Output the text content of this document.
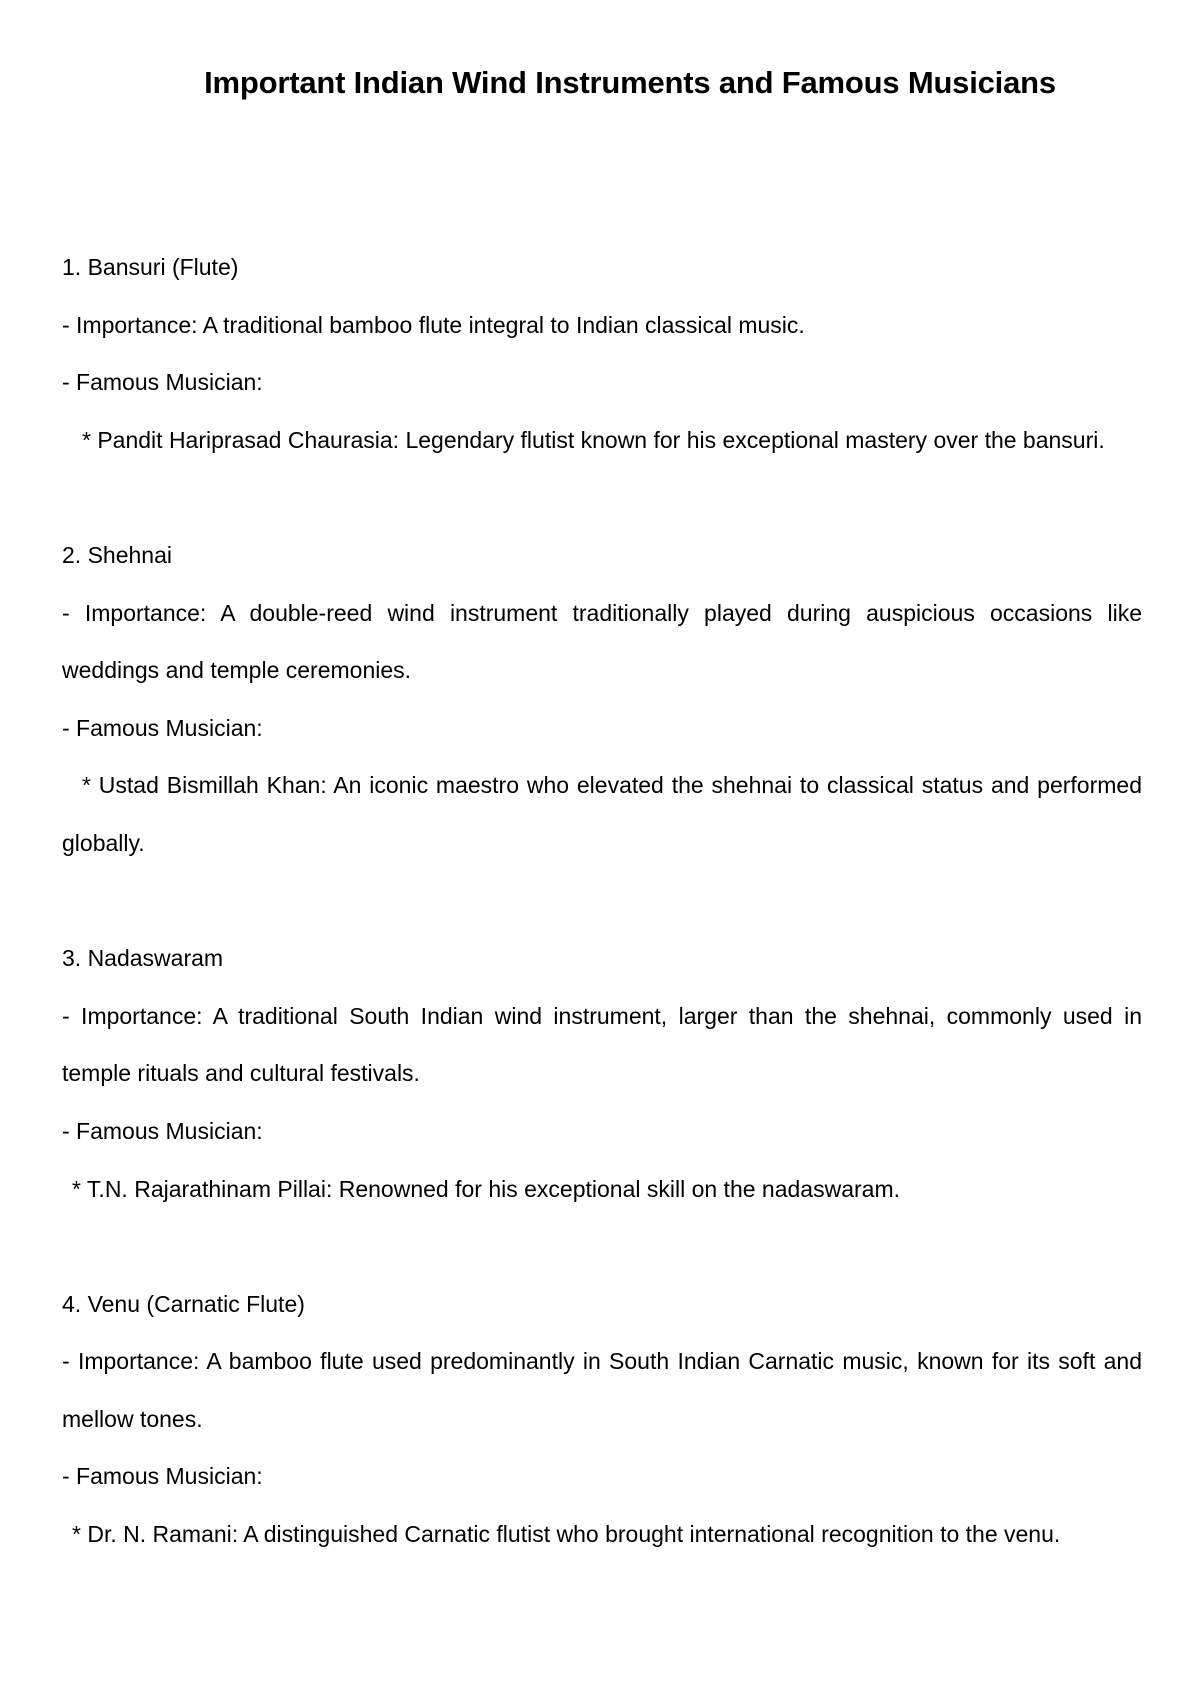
Important Indian Wind Instruments and Famous Musicians

1. Bansuri (Flute)

- Importance: A traditional bamboo flute integral to Indian classical music.

- Famous Musician:

* Pandit Hariprasad Chaurasia: Legendary flutist known for his exceptional mastery over the bansuri.

2. Shehnai

- Importance: A double-reed wind instrument traditionally played during auspicious occasions like weddings and temple ceremonies.

- Famous Musician:

* Ustad Bismillah Khan: An iconic maestro who elevated the shehnai to classical status and performed globally.

3. Nadaswaram

- Importance: A traditional South Indian wind instrument, larger than the shehnai, commonly used in temple rituals and cultural festivals.

- Famous Musician:

* T.N. Rajarathinam Pillai: Renowned for his exceptional skill on the nadaswaram.

4. Venu (Carnatic Flute)

- Importance: A bamboo flute used predominantly in South Indian Carnatic music, known for its soft and mellow tones.

- Famous Musician:

* Dr. N. Ramani: A distinguished Carnatic flutist who brought international recognition to the venu.
